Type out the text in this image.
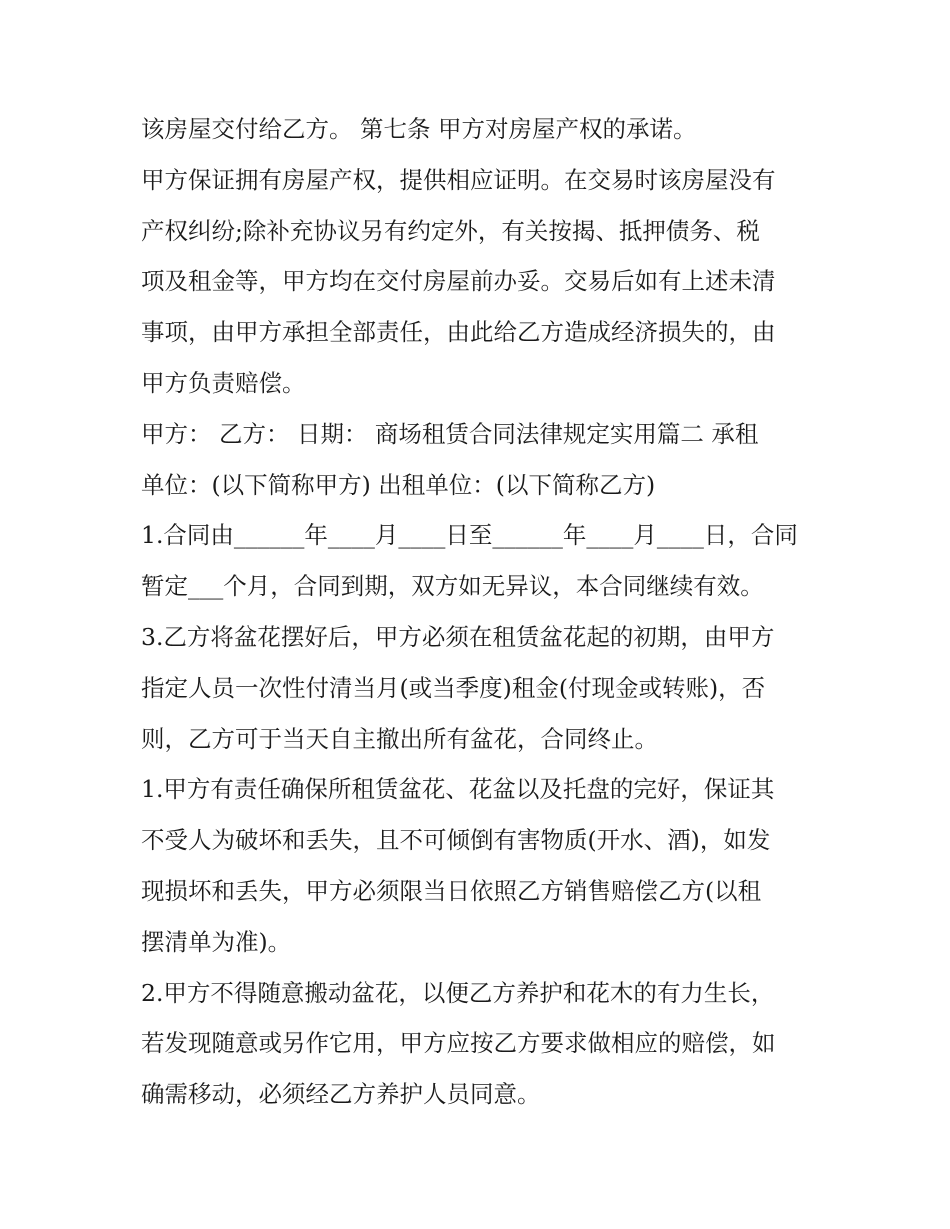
该房屋交付给乙方。 第七条 甲方对房屋产权的承诺。
甲方保证拥有房屋产权，提供相应证明。在交易时该房屋没有
产权纠纷;除补充协议另有约定外，有关按揭、抵押债务、税
项及租金等，甲方均在交付房屋前办妥。交易后如有上述未清
事项，由甲方承担全部责任，由此给乙方造成经济损失的，由
甲方负责赔偿。
甲方： 乙方： 日期： 商场租赁合同法律规定实用篇二 承租
单位：(以下简称甲方) 出租单位：(以下简称乙方)
1.合同由______年____月____日至______年____月____日，合同
暂定___个月，合同到期，双方如无异议，本合同继续有效。
3.乙方将盆花摆好后，甲方必须在租赁盆花起的初期，由甲方
指定人员一次性付清当月(或当季度)租金(付现金或转账)，否
则，乙方可于当天自主撤出所有盆花，合同终止。
1.甲方有责任确保所租赁盆花、花盆以及托盘的完好，保证其
不受人为破坏和丢失，且不可倾倒有害物质(开水、酒)，如发
现损坏和丢失，甲方必须限当日依照乙方销售赔偿乙方(以租
摆清单为准)。
2.甲方不得随意搬动盆花，以便乙方养护和花木的有力生长，
若发现随意或另作它用，甲方应按乙方要求做相应的赔偿，如
确需移动，必须经乙方养护人员同意。
